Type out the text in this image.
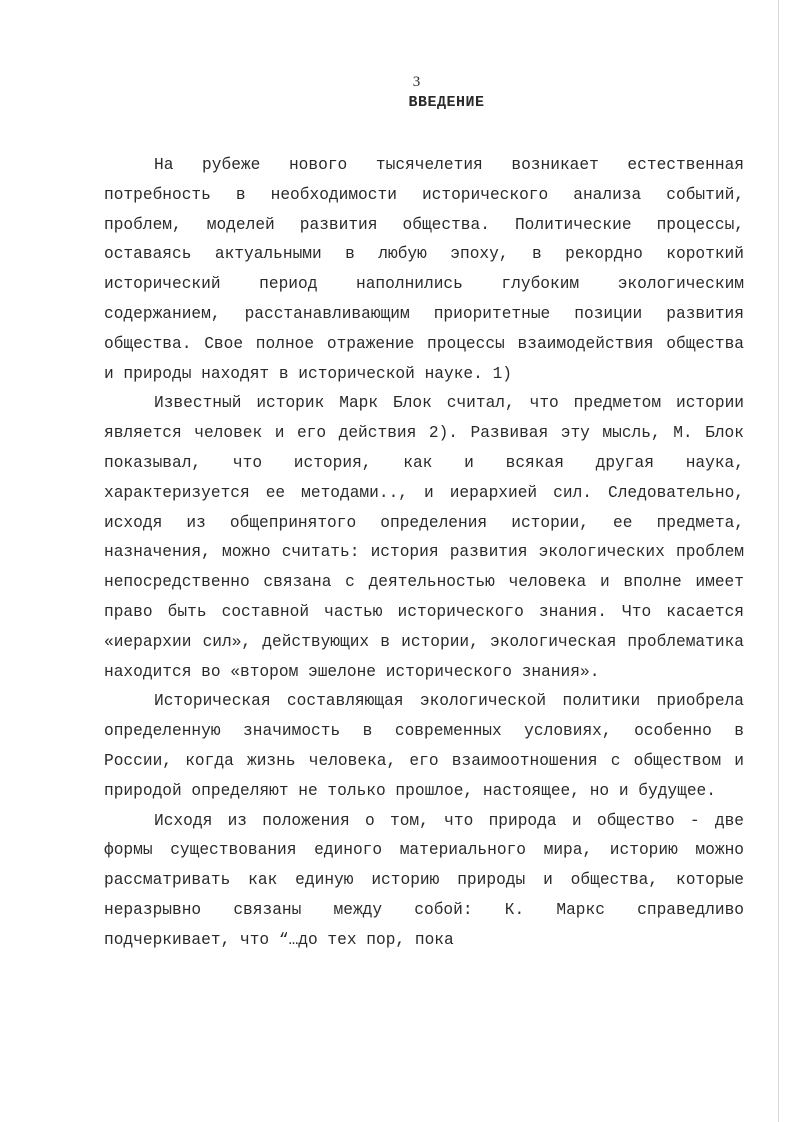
3
ВВЕДЕНИЕ

На рубеже нового тысячелетия возникает естественная потребность в необходимости исторического анализа событий, проблем, моделей развития общества. Политические процессы, оставаясь актуальными в любую эпоху, в рекордно короткий исторический период наполнились глубоким экологическим содержанием, расстанавливающим приоритетные позиции развития общества. Свое полное отражение процессы взаимодействия общества и природы находят в исторической науке. 1)

Известный историк Марк Блок считал, что предметом истории является человек и его действия 2). Развивая эту мысль, М. Блок показывал, что история, как и всякая другая наука, характеризуется ее методами.., и иерархией сил. Следовательно, исходя из общепринятого определения истории, ее предмета, назначения, можно считать: история развития экологических проблем непосредственно связана с деятельностью человека и вполне имеет право быть составной частью исторического знания. Что касается «иерархии сил», действующих в истории, экологическая проблематика находится во «втором эшелоне исторического знания».

Историческая составляющая экологической политики приобрела определенную значимость в современных условиях, особенно в России, когда жизнь человека, его взаимоотношения с обществом и природой определяют не только прошлое, настоящее, но и будущее.

Исходя из положения о том, что природа и общество - две формы существования единого материального мира, историю можно рассматривать как единую историю природы и общества, которые неразрывно связаны между собой: К. Маркс справедливо подчеркивает, что “…до тех пор, пока
